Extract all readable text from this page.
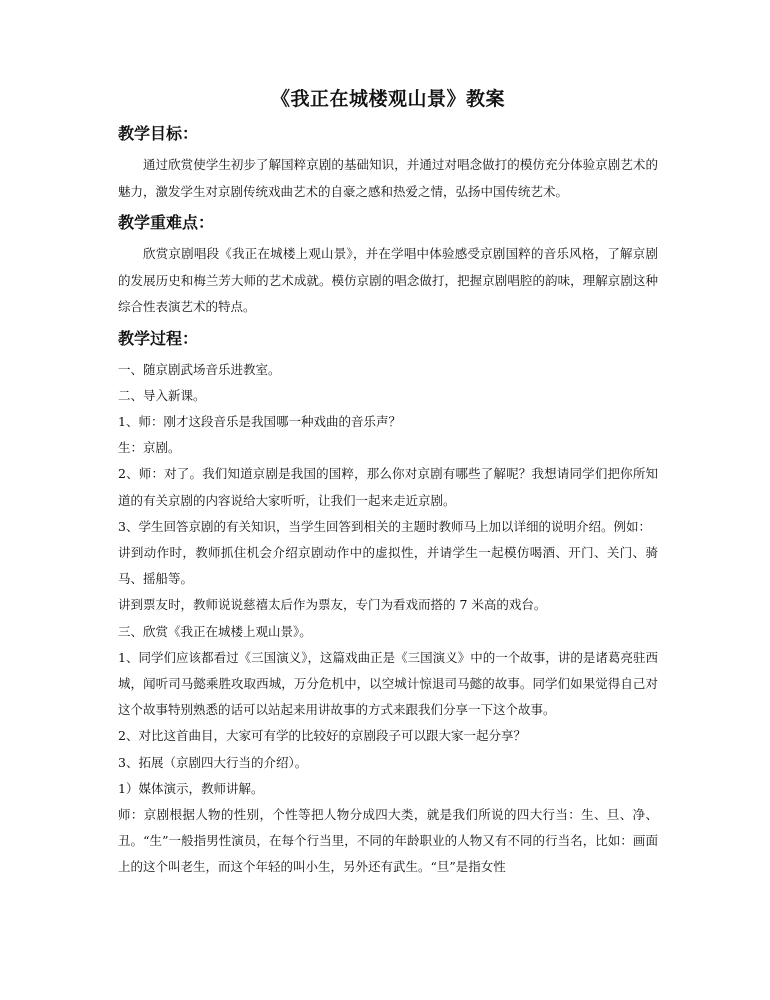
《我正在城楼观山景》教案
教学目标：
通过欣赏使学生初步了解国粹京剧的基础知识，并通过对唱念做打的模仿充分体验京剧艺术的魅力，激发学生对京剧传统戏曲艺术的自豪之感和热爱之情，弘扬中国传统艺术。
教学重难点：
欣赏京剧唱段《我正在城楼上观山景》，并在学唱中体验感受京剧国粹的音乐风格，了解京剧的发展历史和梅兰芳大师的艺术成就。模仿京剧的唱念做打，把握京剧唱腔的韵味，理解京剧这种综合性表演艺术的特点。
教学过程：
一、随京剧武场音乐进教室。
二、导入新课。
1、师：刚才这段音乐是我国哪一种戏曲的音乐声？
生：京剧。
2、师：对了。我们知道京剧是我国的国粹，那么你对京剧有哪些了解呢？我想请同学们把你所知道的有关京剧的内容说给大家听听，让我们一起来走近京剧。
3、学生回答京剧的有关知识，当学生回答到相关的主题时教师马上加以详细的说明介绍。例如：
讲到动作时，教师抓住机会介绍京剧动作中的虚拟性，并请学生一起模仿喝酒、开门、关门、骑马、摇船等。
讲到票友时，教师说说慈禧太后作为票友，专门为看戏而搭的 7 米高的戏台。
三、欣赏《我正在城楼上观山景》。
1、同学们应该都看过《三国演义》，这篇戏曲正是《三国演义》中的一个故事，讲的是诸葛亮驻西城，闻听司马懿乘胜攻取西城，万分危机中，以空城计惊退司马懿的故事。同学们如果觉得自己对这个故事特别熟悉的话可以站起来用讲故事的方式来跟我们分享一下这个故事。
2、对比这首曲目，大家可有学的比较好的京剧段子可以跟大家一起分享？
3、拓展（京剧四大行当的介绍）。
1）媒体演示，教师讲解。
师：京剧根据人物的性别，个性等把人物分成四大类，就是我们所说的四大行当：生、旦、净、丑。“生”一般指男性演员，在每个行当里，不同的年龄职业的人物又有不同的行当名，比如：画面上的这个叫老生，而这个年轻的叫小生，另外还有武生。“旦”是指女性
